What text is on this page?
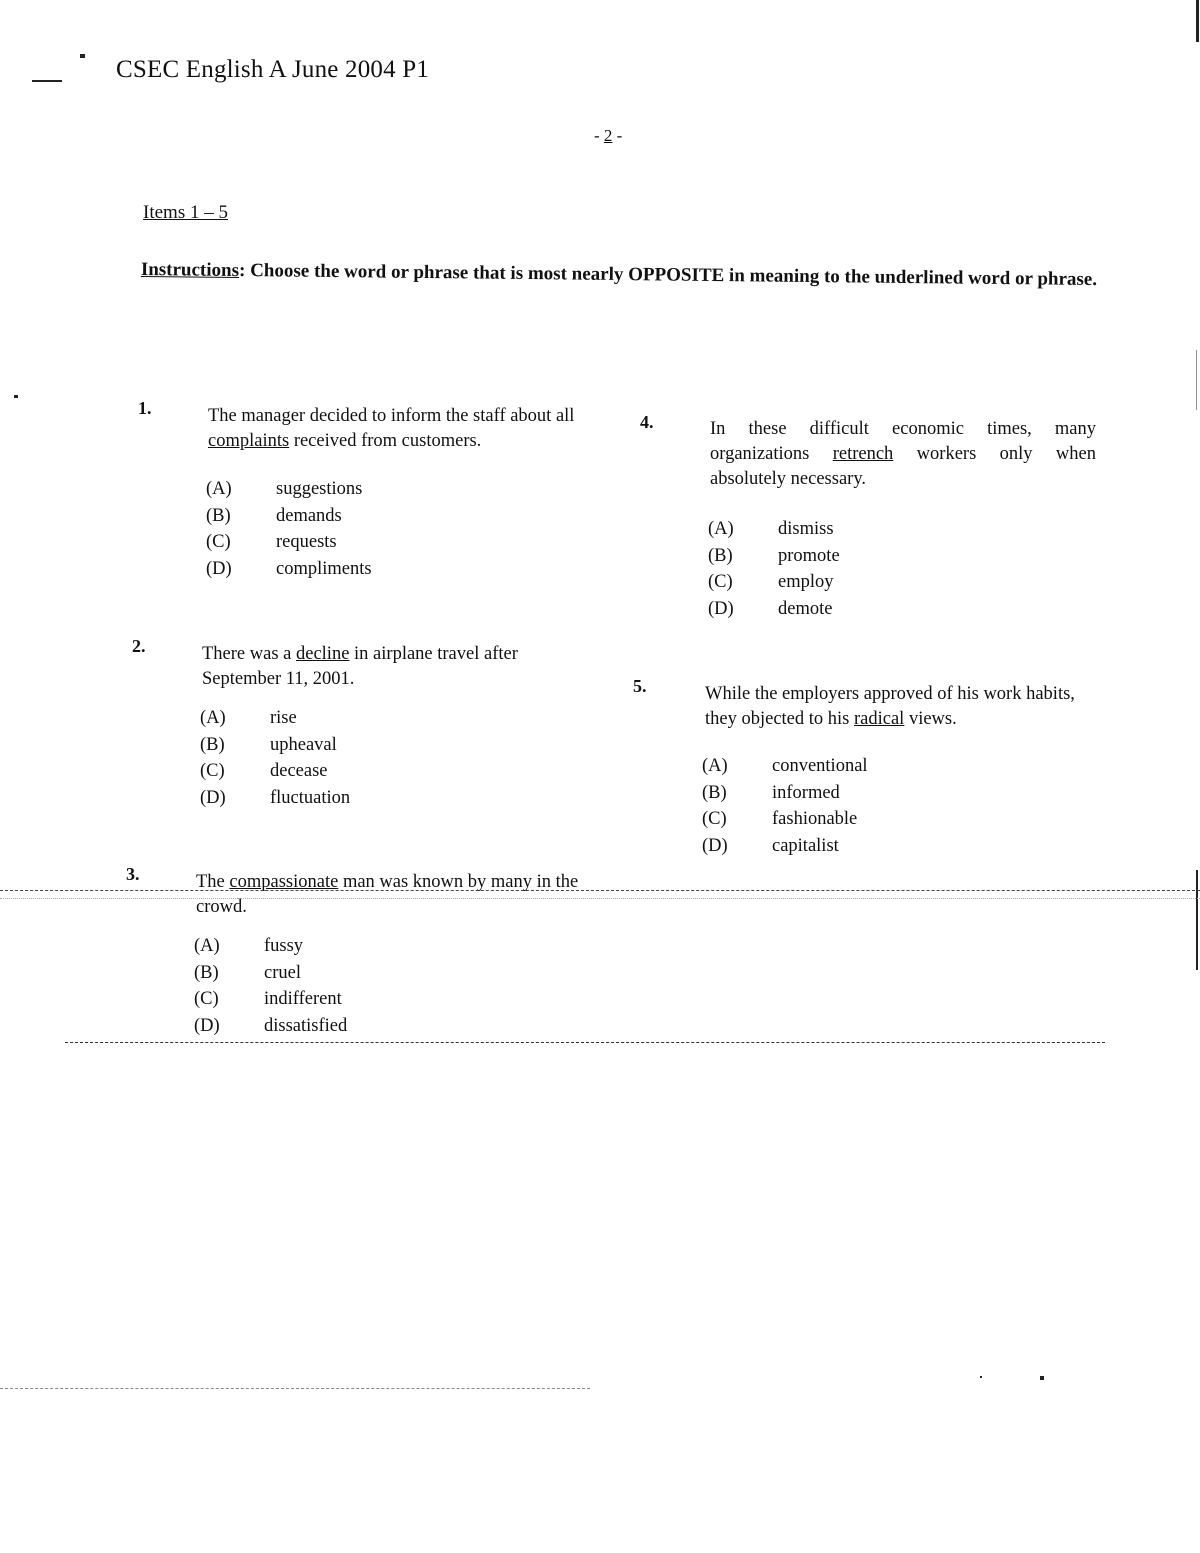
CSEC English A June 2004 P1
- 2 -
Items 1 – 5
Instructions: Choose the word or phrase that is most nearly OPPOSITE in meaning to the underlined word or phrase.
1.	The manager decided to inform the staff about all complaints received from customers.
(A)	suggestions
(B)	demands
(C)	requests
(D)	compliments
2.	There was a decline in airplane travel after September 11, 2001.
(A)	rise
(B)	upheaval
(C)	decease
(D)	fluctuation
3.	The compassionate man was known by many in the crowd.
(A)	fussy
(B)	cruel
(C)	indifferent
(D)	dissatisfied
4.	In these difficult economic times, many organizations retrench workers only when absolutely necessary.
(A)	dismiss
(B)	promote
(C)	employ
(D)	demote
5.	While the employers approved of his work habits, they objected to his radical views.
(A)	conventional
(B)	informed
(C)	fashionable
(D)	capitalist
